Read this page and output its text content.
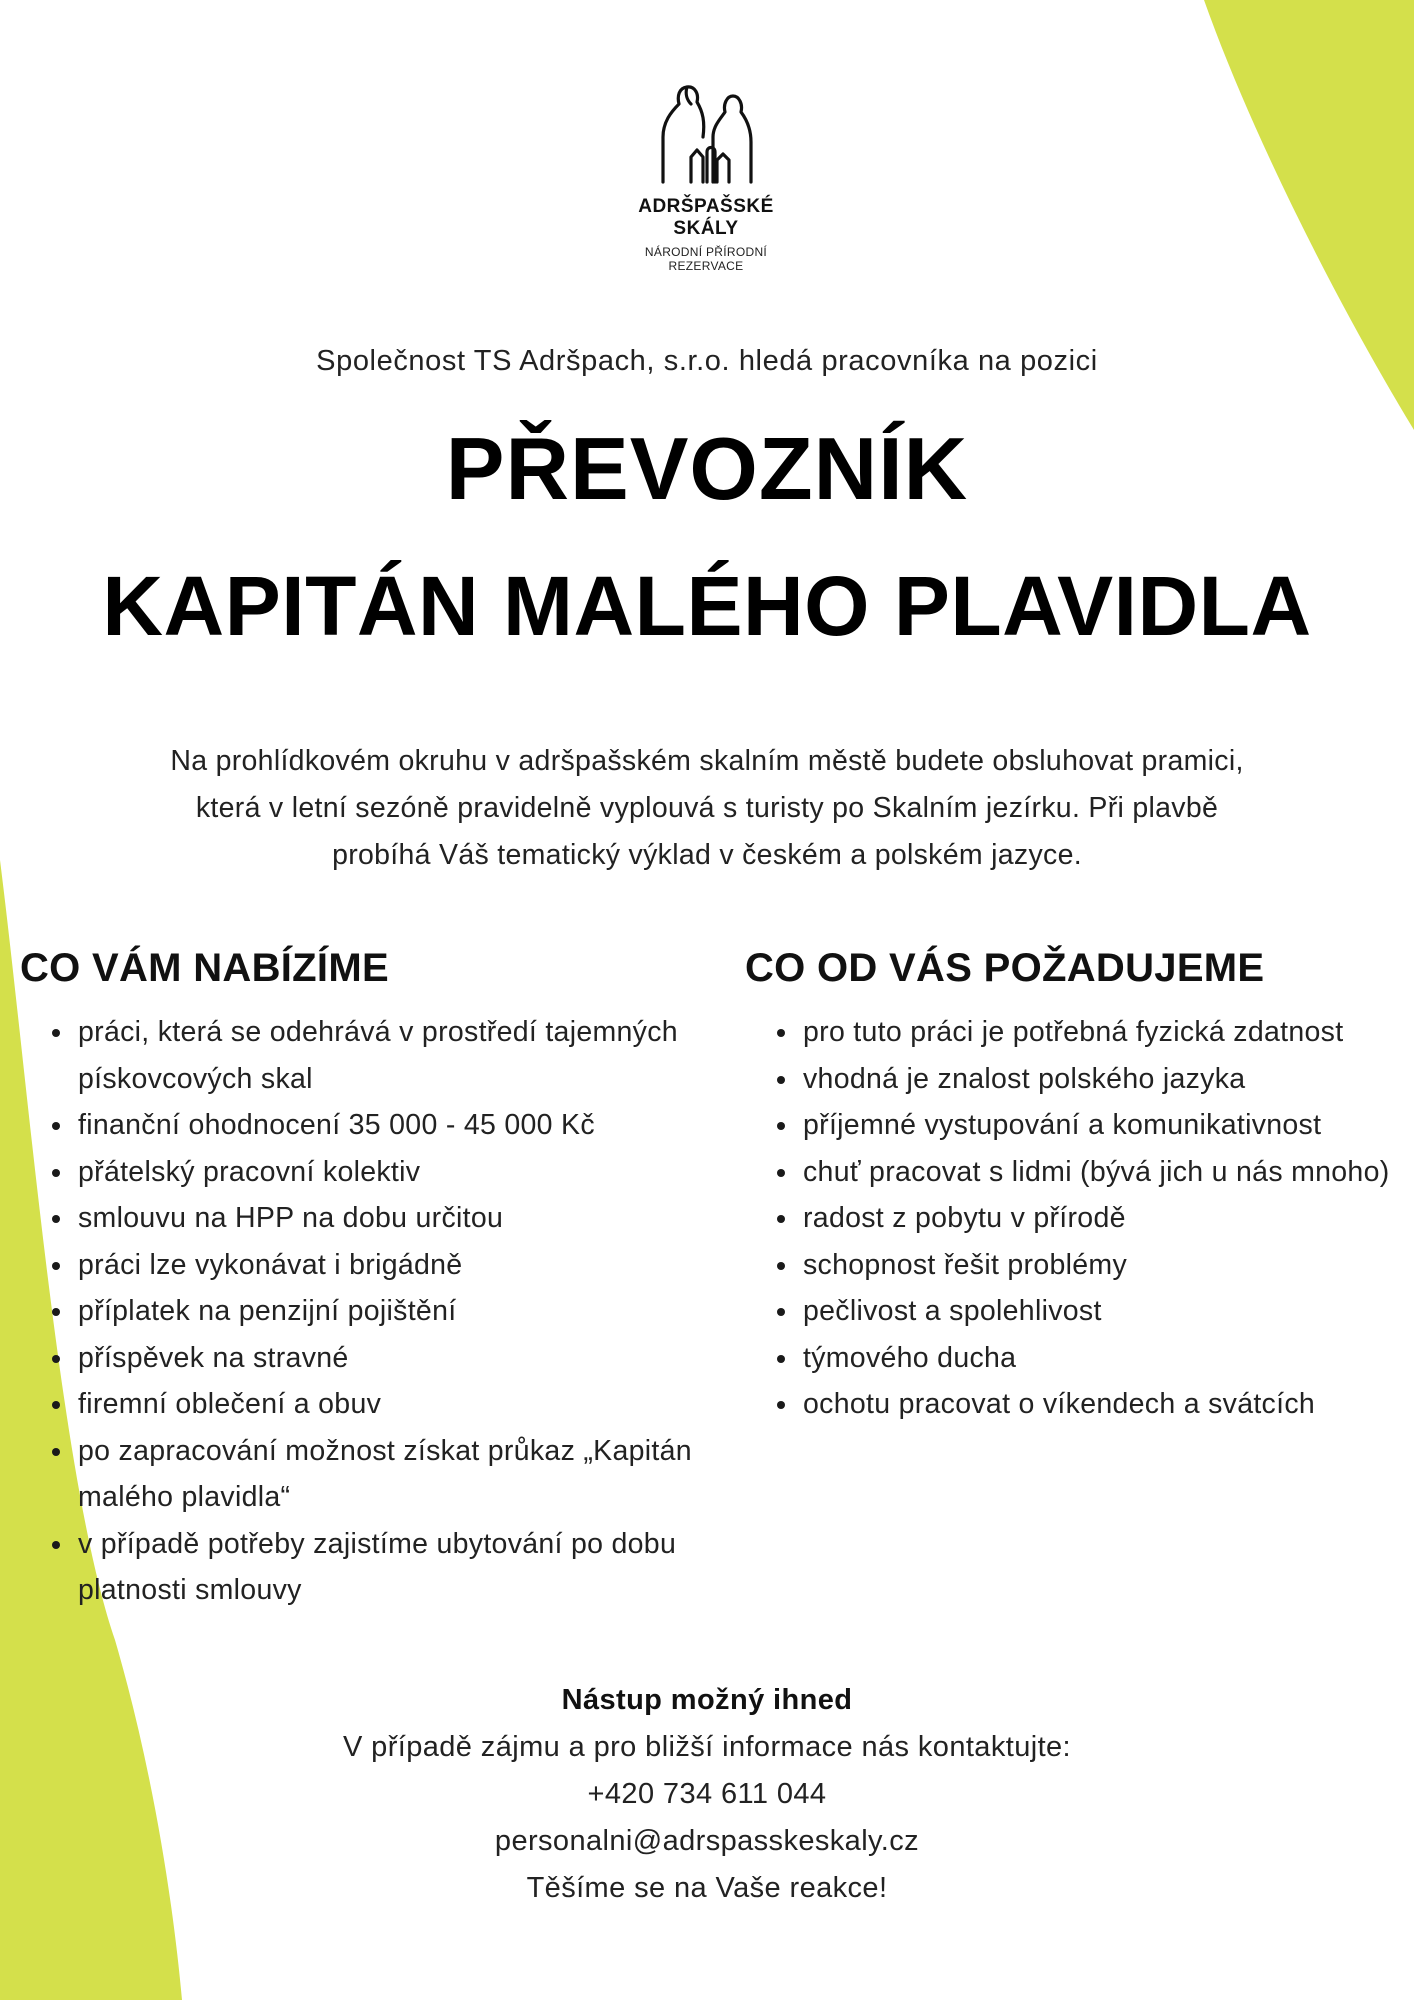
ADRŠPAŠSKÉ SKÁLY
NÁRODNÍ PŘÍRODNÍ REZERVACE
Společnost TS Adršpach, s.r.o. hledá pracovníka na pozici
PŘEVOZNÍK
KAPITÁN MALÉHO PLAVIDLA
Na prohlídkovém okruhu v adršpašském skalním městě budete obsluhovat pramici,
která v letní sezóně pravidelně vyplouvá s turisty po Skalním jezírku. Při plavbě
probíhá Váš tematický výklad v českém a polském jazyce.
CO VÁM NABÍZÍME
práci, která se odehrává v prostředí tajemných pískovcových skal
finanční ohodnocení 35 000 - 45 000 Kč
přátelský pracovní kolektiv
smlouvu na HPP na dobu určitou
práci lze vykonávat i brigádně
příplatek na penzijní pojištění
příspěvek na stravné
firemní oblečení a obuv
po zapracování možnost získat průkaz „Kapitán malého plavidla“
v případě potřeby zajistíme ubytování po dobu platnosti smlouvy
CO OD VÁS POŽADUJEME
pro tuto práci je potřebná fyzická zdatnost
vhodná je znalost polského jazyka
příjemné vystupování a komunikativnost
chuť pracovat s lidmi (bývá jich u nás mnoho)
radost z pobytu v přírodě
schopnost řešit problémy
pečlivost a spolehlivost
týmového ducha
ochotu pracovat o víkendech a svátcích
Nástup možný ihned
V případě zájmu a pro bližší informace nás kontaktujte:
+420 734 611 044
personalni@adrspasskeskaly.cz
Těšíme se na Vaše reakce!
